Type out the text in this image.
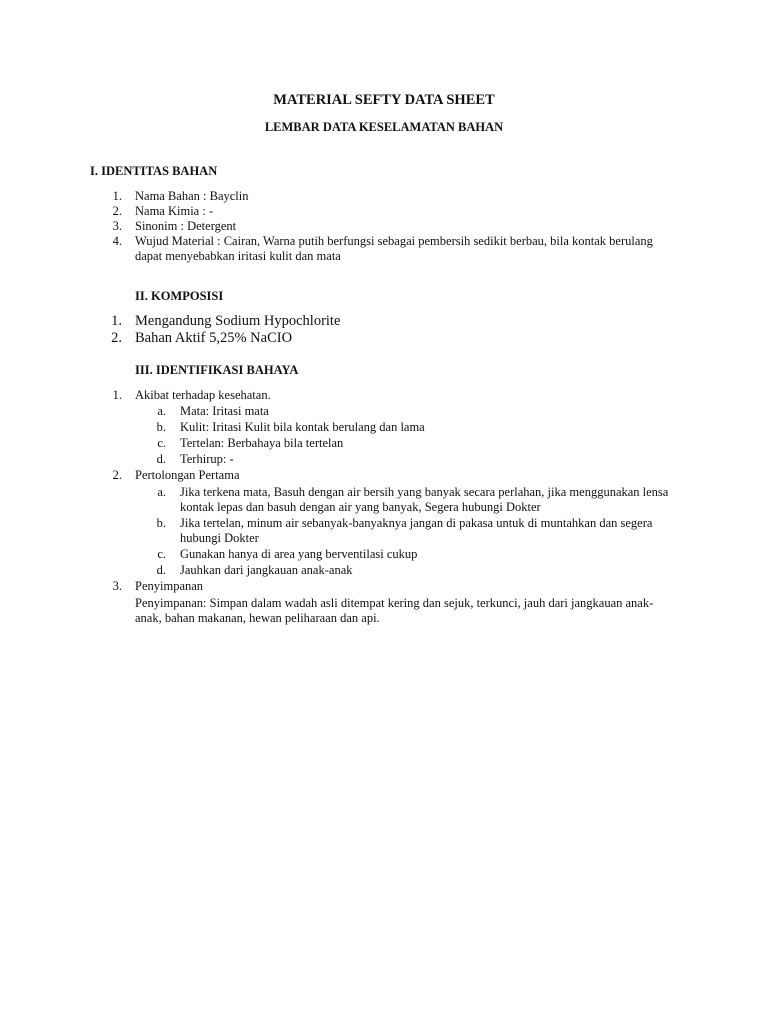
MATERIAL SEFTY DATA SHEET
LEMBAR DATA KESELAMATAN BAHAN
I. IDENTITAS BAHAN
1. Nama Bahan : Bayclin
2. Nama Kimia : -
3. Sinonim : Detergent
4. Wujud Material : Cairan, Warna putih berfungsi sebagai pembersih sedikit berbau, bila kontak berulang
dapat menyebabkan iritasi kulit dan mata
II. KOMPOSISI
1. Mengandung Sodium Hypochlorite
2. Bahan Aktif 5,25% NaCIO
III. IDENTIFIKASI BAHAYA
1. Akibat terhadap kesehatan.
a. Mata: Iritasi mata
b. Kulit: Iritasi Kulit bila kontak berulang dan lama
c. Tertelan: Berbahaya bila tertelan
d. Terhirup: -
2. Pertolongan Pertama
a. Jika terkena mata, Basuh dengan air bersih yang banyak secara perlahan, jika menggunakan lensa
kontak lepas dan basuh dengan air yang banyak, Segera hubungi Dokter
b. Jika tertelan, minum air sebanyak-banyaknya jangan di pakasa untuk di muntahkan dan segera
hubungi Dokter
c. Gunakan hanya di area yang berventilasi cukup
d. Jauhkan dari jangkauan anak-anak
3. Penyimpanan
Penyimpanan: Simpan dalam wadah asli ditempat kering dan sejuk, terkunci, jauh dari jangkauan anak-
anak, bahan makanan, hewan peliharaan dan api.
